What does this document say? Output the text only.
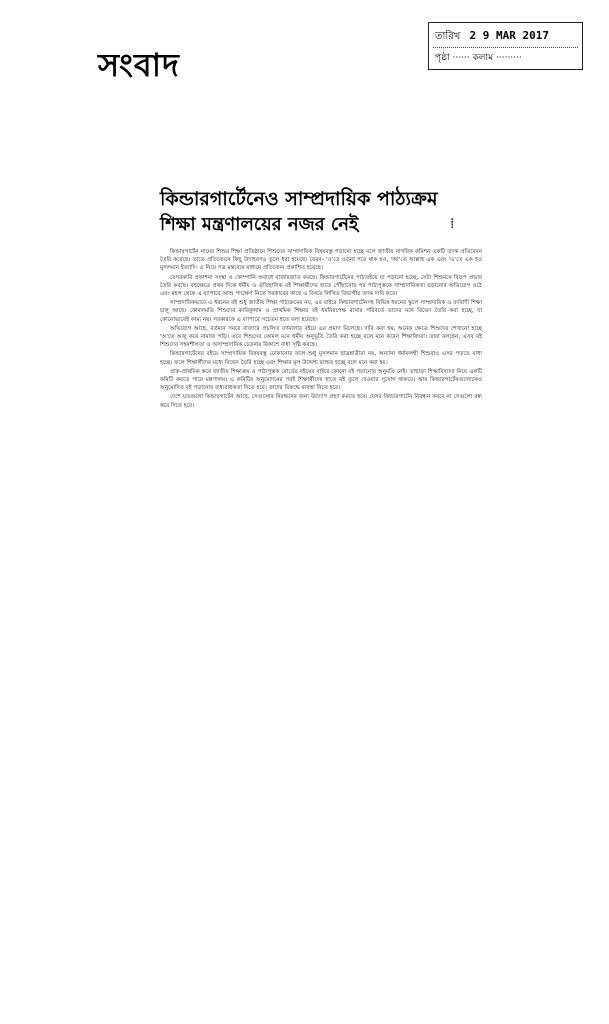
সংবাদ
তারিখ 2 9 MAR 2017
পৃষ্ঠা ······ কলাম ·········
কিন্ডারগার্টেনেও সাম্প্রদায়িক পাঠ্যক্রম
শিক্ষা মন্ত্রণালয়ের নজর নেই	⁞

কিন্ডারগার্টেন নামের শিশুর শিক্ষা প্রতিষ্ঠানে শিশুদের সাম্প্রদায়িক বিষয়বস্তু পড়ানো হচ্ছে বলে জাতীয় নাগরিক কমিশন একটি তদন্ত প্রতিবেদন তৈরি করেছে। তাতে প্রতিবেদনে কিছু উদাহরণও তুলে ধরা হয়েছে। যেমন- 'ও'তে ওড়না পরে থাক হও, 'আ'তে আল্লাহ এক এবং 'এ'তে এক হও মুসলমান ইত্যাদি। এ নিয়ে পত্র মন্তব্যের মাধ্যমে প্রতিবেদন প্রকাশিত হয়েছে।

বেসরকারি প্রকাশনা সংস্থা ও কোম্পানি অবাধে বাজারজাত করছে। কিন্ডারগার্টেনের পাঠ্যবইয়ে যা পড়ানো হচ্ছে, সেটা শিশুমনে বিরূপ প্রভাব তৈরি করছে। বহুক্ষেত্রে প্রথম দিকে ধর্মীয় ও ঐতিহাসিক বই শিক্ষার্থীদের হাতে পৌঁছানোর পর পাঠ্যপুস্তকে সাম্প্রদায়িকতা ছড়ানোর অভিযোগ ওঠে এবং মহল থেকে এ ব্যাপারে আশু পদক্ষেপ নিতে সরকারের কাছে এ বিষয়ে লিখিত বিভাগীয় তদন্ত দাবি করে।

সাম্প্রদায়িকভাবে এ ধরনের বই শুধু জাতীয় শিক্ষা পাঠ্যক্রমের নয়, এর বাইরে কিন্ডারগার্টেনসহ বিভিন্ন ধরনের স্কুলে সাম্প্রদায়িক ও বর্ণবাদী শিক্ষা চালু আছে। কোমলমতি শিশুদের কারিকুলাম ও প্রাথমিক শিক্ষার বই ধর্মনিরপেক্ষ রাখার পরিবর্তে তাদের মনে বিভেদ তৈরি করা হচ্ছে, যা কোনোভাবেই কাম্য নয়। সরকারকে এ ব্যাপারে সচেতন হতে বলা হয়েছে।

অভিযোগ আছে, বর্তমান সময়ে বাজারে প্রচলিত বর্ণমালার বইয়ে এর প্রমাণ মিলেছে। দাবি করা হয়, অনেক ক্ষেত্রে শিশুদের শেখানো হচ্ছে 'অ'তে অজু করে নামাজ পড়ি। তবে শিশুদের কোমল মনে ধর্মীয় অনুভূতি তৈরি করা হচ্ছে বলে মনে করেন শিক্ষাবিদরা। তারা বলছেন, এসব বই শিশুদের সহনশীলতা ও অসাম্প্রদায়িক চেতনার বিকাশে বাধা সৃষ্টি করছে।

কিন্ডারগার্টেনের বইয়ে সাম্প্রদায়িক বিষয়বস্তু ঢোকানোর ফলে শুধু মুসলমান ছাত্রছাত্রীরা নয়, অন্যান্য ধর্মাবলম্বী শিশুরাও এসব পড়তে বাধ্য হচ্ছে। ফলে শিক্ষার্থীদের মধ্যে বিভেদ তৈরি হচ্ছে এবং শিক্ষার মূল উদ্দেশ্য ব্যাহত হচ্ছে বলে মনে করা হয়।

প্রাক-প্রাথমিক স্তরে জাতীয় শিক্ষাক্রম ও পাঠ্যপুস্তক বোর্ডের বইয়ের বাইরে কোনো বই পড়ানোর অনুমতি নেই। তাছাড়া শিক্ষাবিদদের নিয়ে একটি কমিটি করতে পারে মন্ত্রণালয়। এ কমিটির অনুমোদনের পরই শিক্ষার্থীদের হাতে বই তুলে দেওয়ার সুযোগ থাকবে। আর কিন্ডারগার্টেনগুলোকেও অনুমোদিত বই পড়ানোর বাধ্যবাধকতা দিতে হবে। তাদের বিরুদ্ধে ব্যবস্থা নিতে হবে।

দেশে যতগুলো কিন্ডারগার্টেন আছে, সেগুলোর নিবন্ধনের জন্য উদ্যোগ গ্রহণ করতে হবে। যেসব কিন্ডারগার্টেন নিবন্ধন করবে না সেগুলো বন্ধ করে দিতে হবে।
